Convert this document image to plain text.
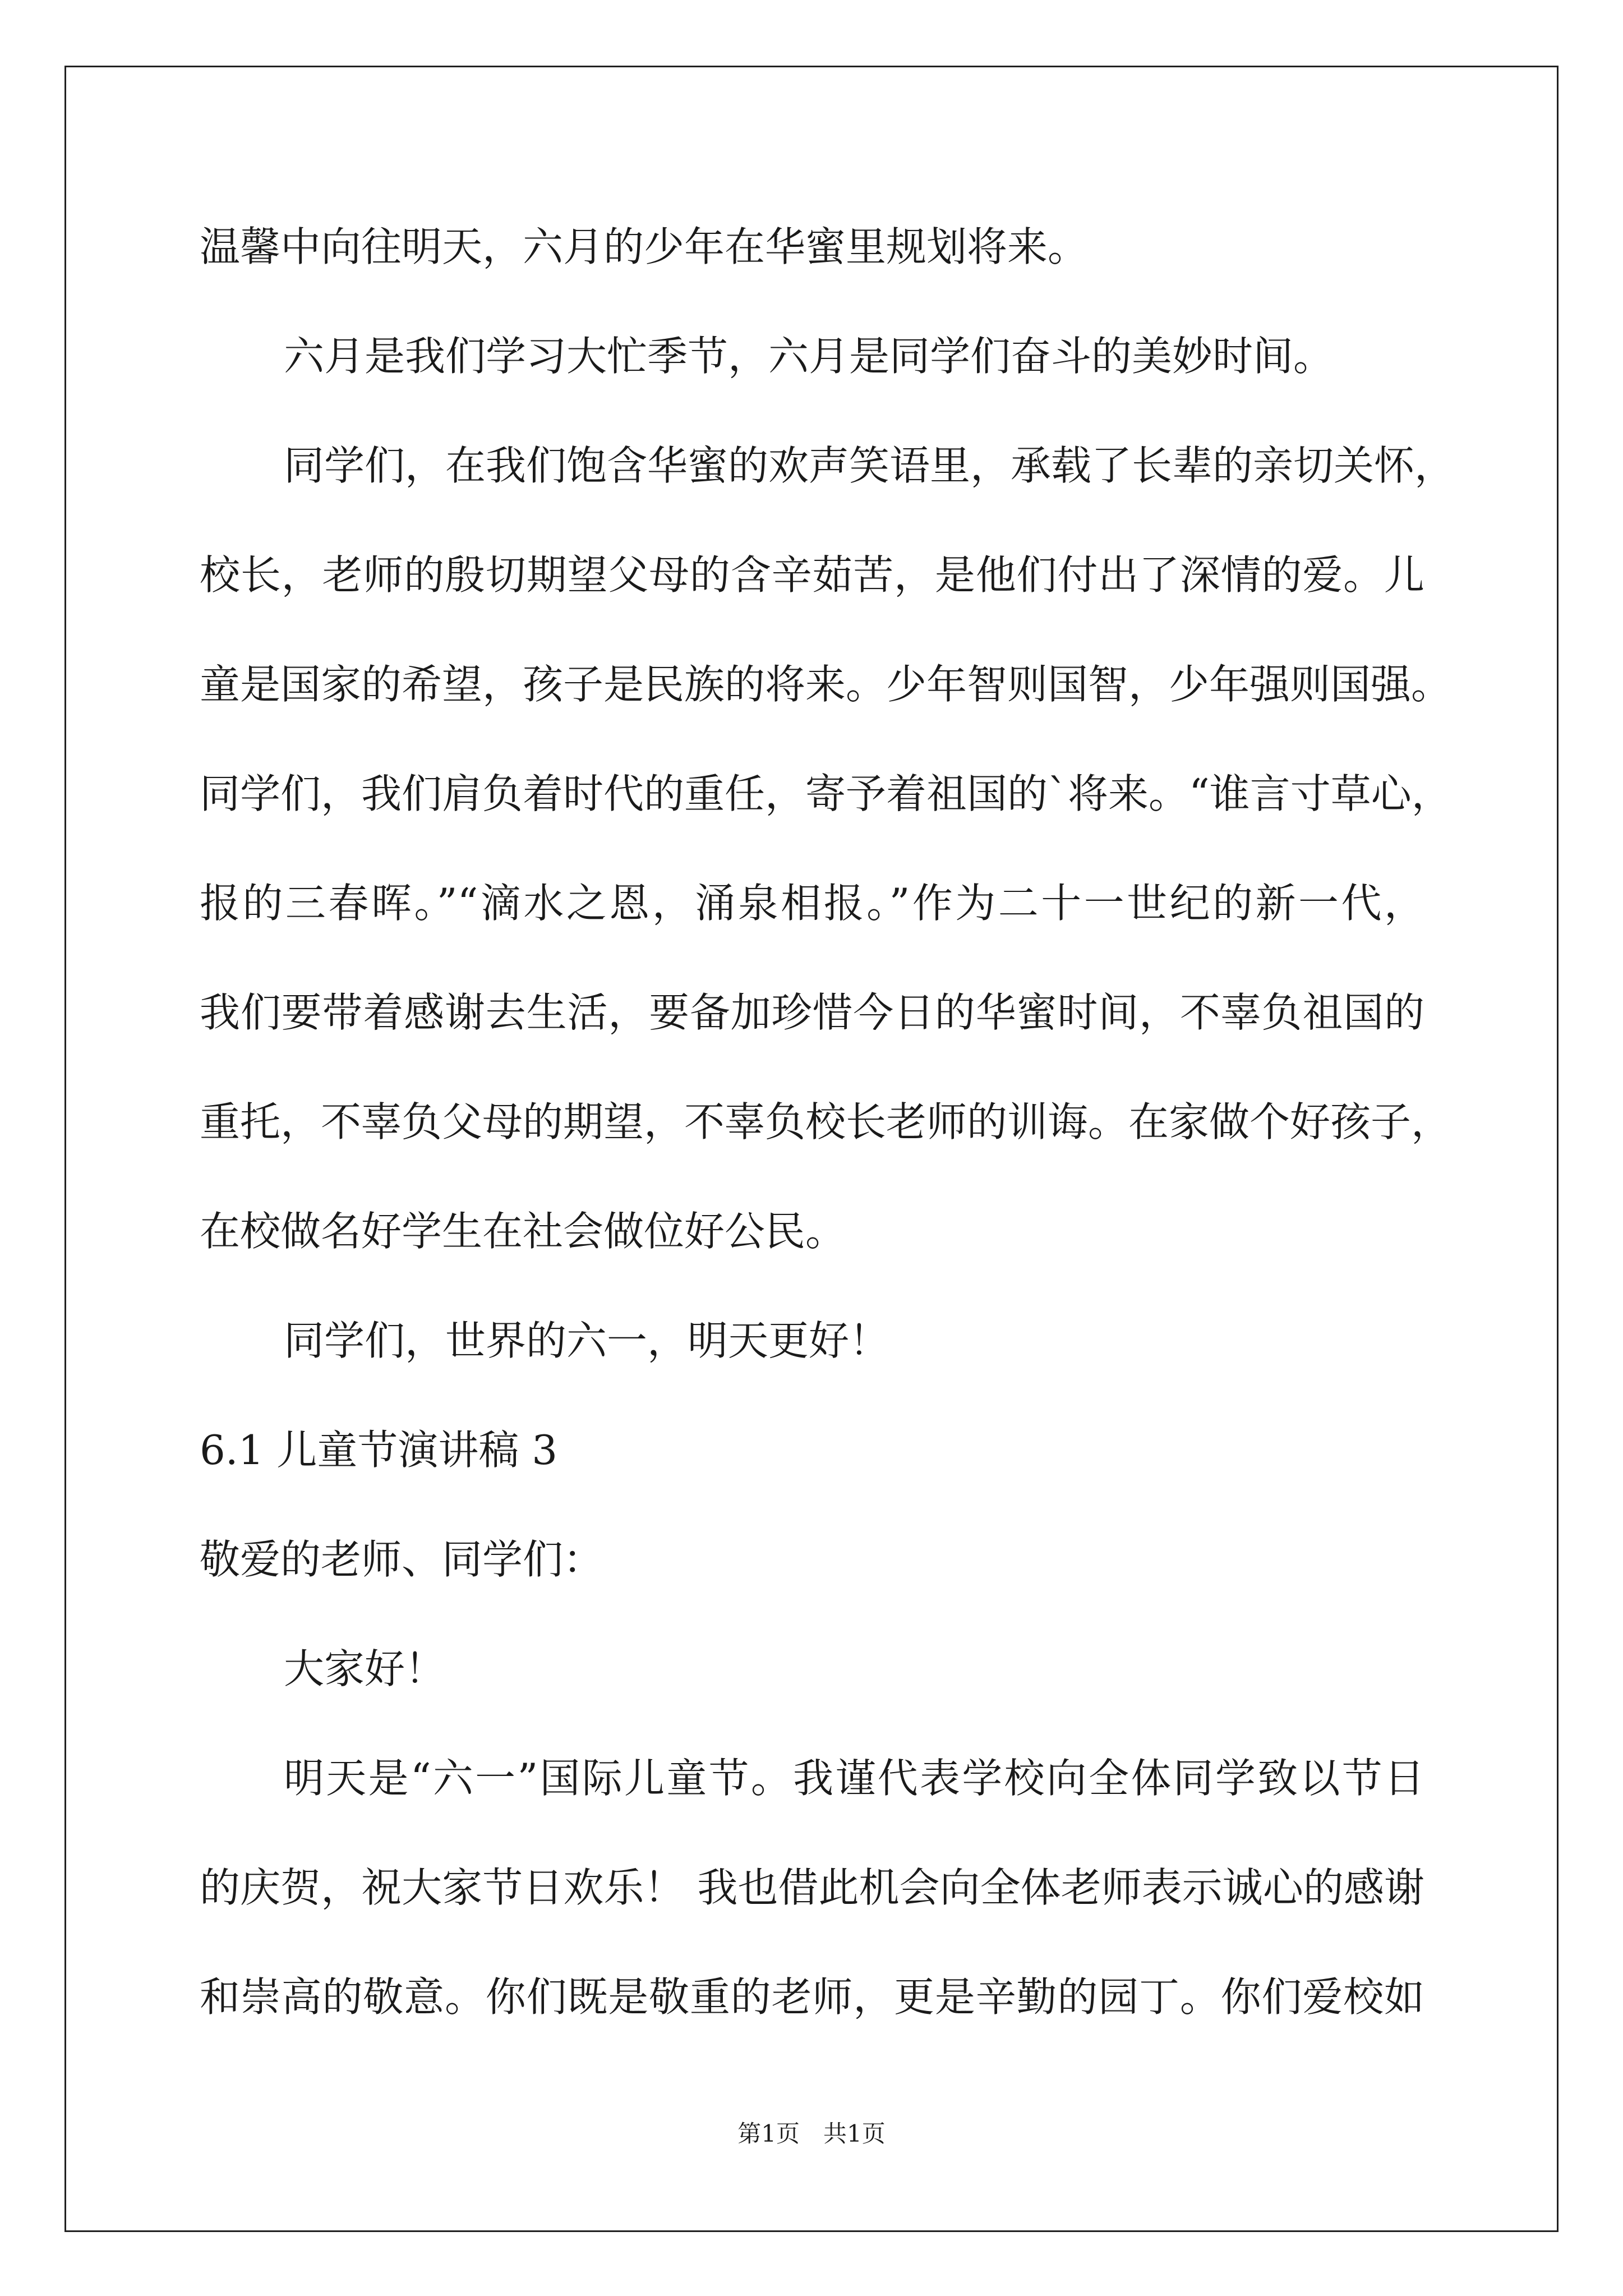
温馨中向往明天，六月的少年在华蜜里规划将来。

六月是我们学习大忙季节，六月是同学们奋斗的美妙时间。

同学们，在我们饱含华蜜的欢声笑语里，承载了长辈的亲切关怀，

校长，老师的殷切期望父母的含辛茹苦，是他们付出了深情的爱。儿

童是国家的希望，孩子是民族的将来。少年智则国智，少年强则国强。

同学们，我们肩负着时代的重任，寄予着祖国的`将来。“谁言寸草心，

报的三春晖。”“滴水之恩，涌泉相报。”作为二十一世纪的新一代，

我们要带着感谢去生活，要备加珍惜今日的华蜜时间，不辜负祖国的

重托，不辜负父母的期望，不辜负校长老师的训诲。在家做个好孩子，

在校做名好学生在社会做位好公民。

同学们，世界的六一，明天更好！

6.1 儿童节演讲稿 3

敬爱的老师、同学们：

大家好！

明天是“六一”国际儿童节。我谨代表学校向全体同学致以节日

的庆贺，祝大家节日欢乐！ 我也借此机会向全体老师表示诚心的感谢

和崇高的敬意。你们既是敬重的老师，更是辛勤的园丁。你们爱校如

第1页 共1页
